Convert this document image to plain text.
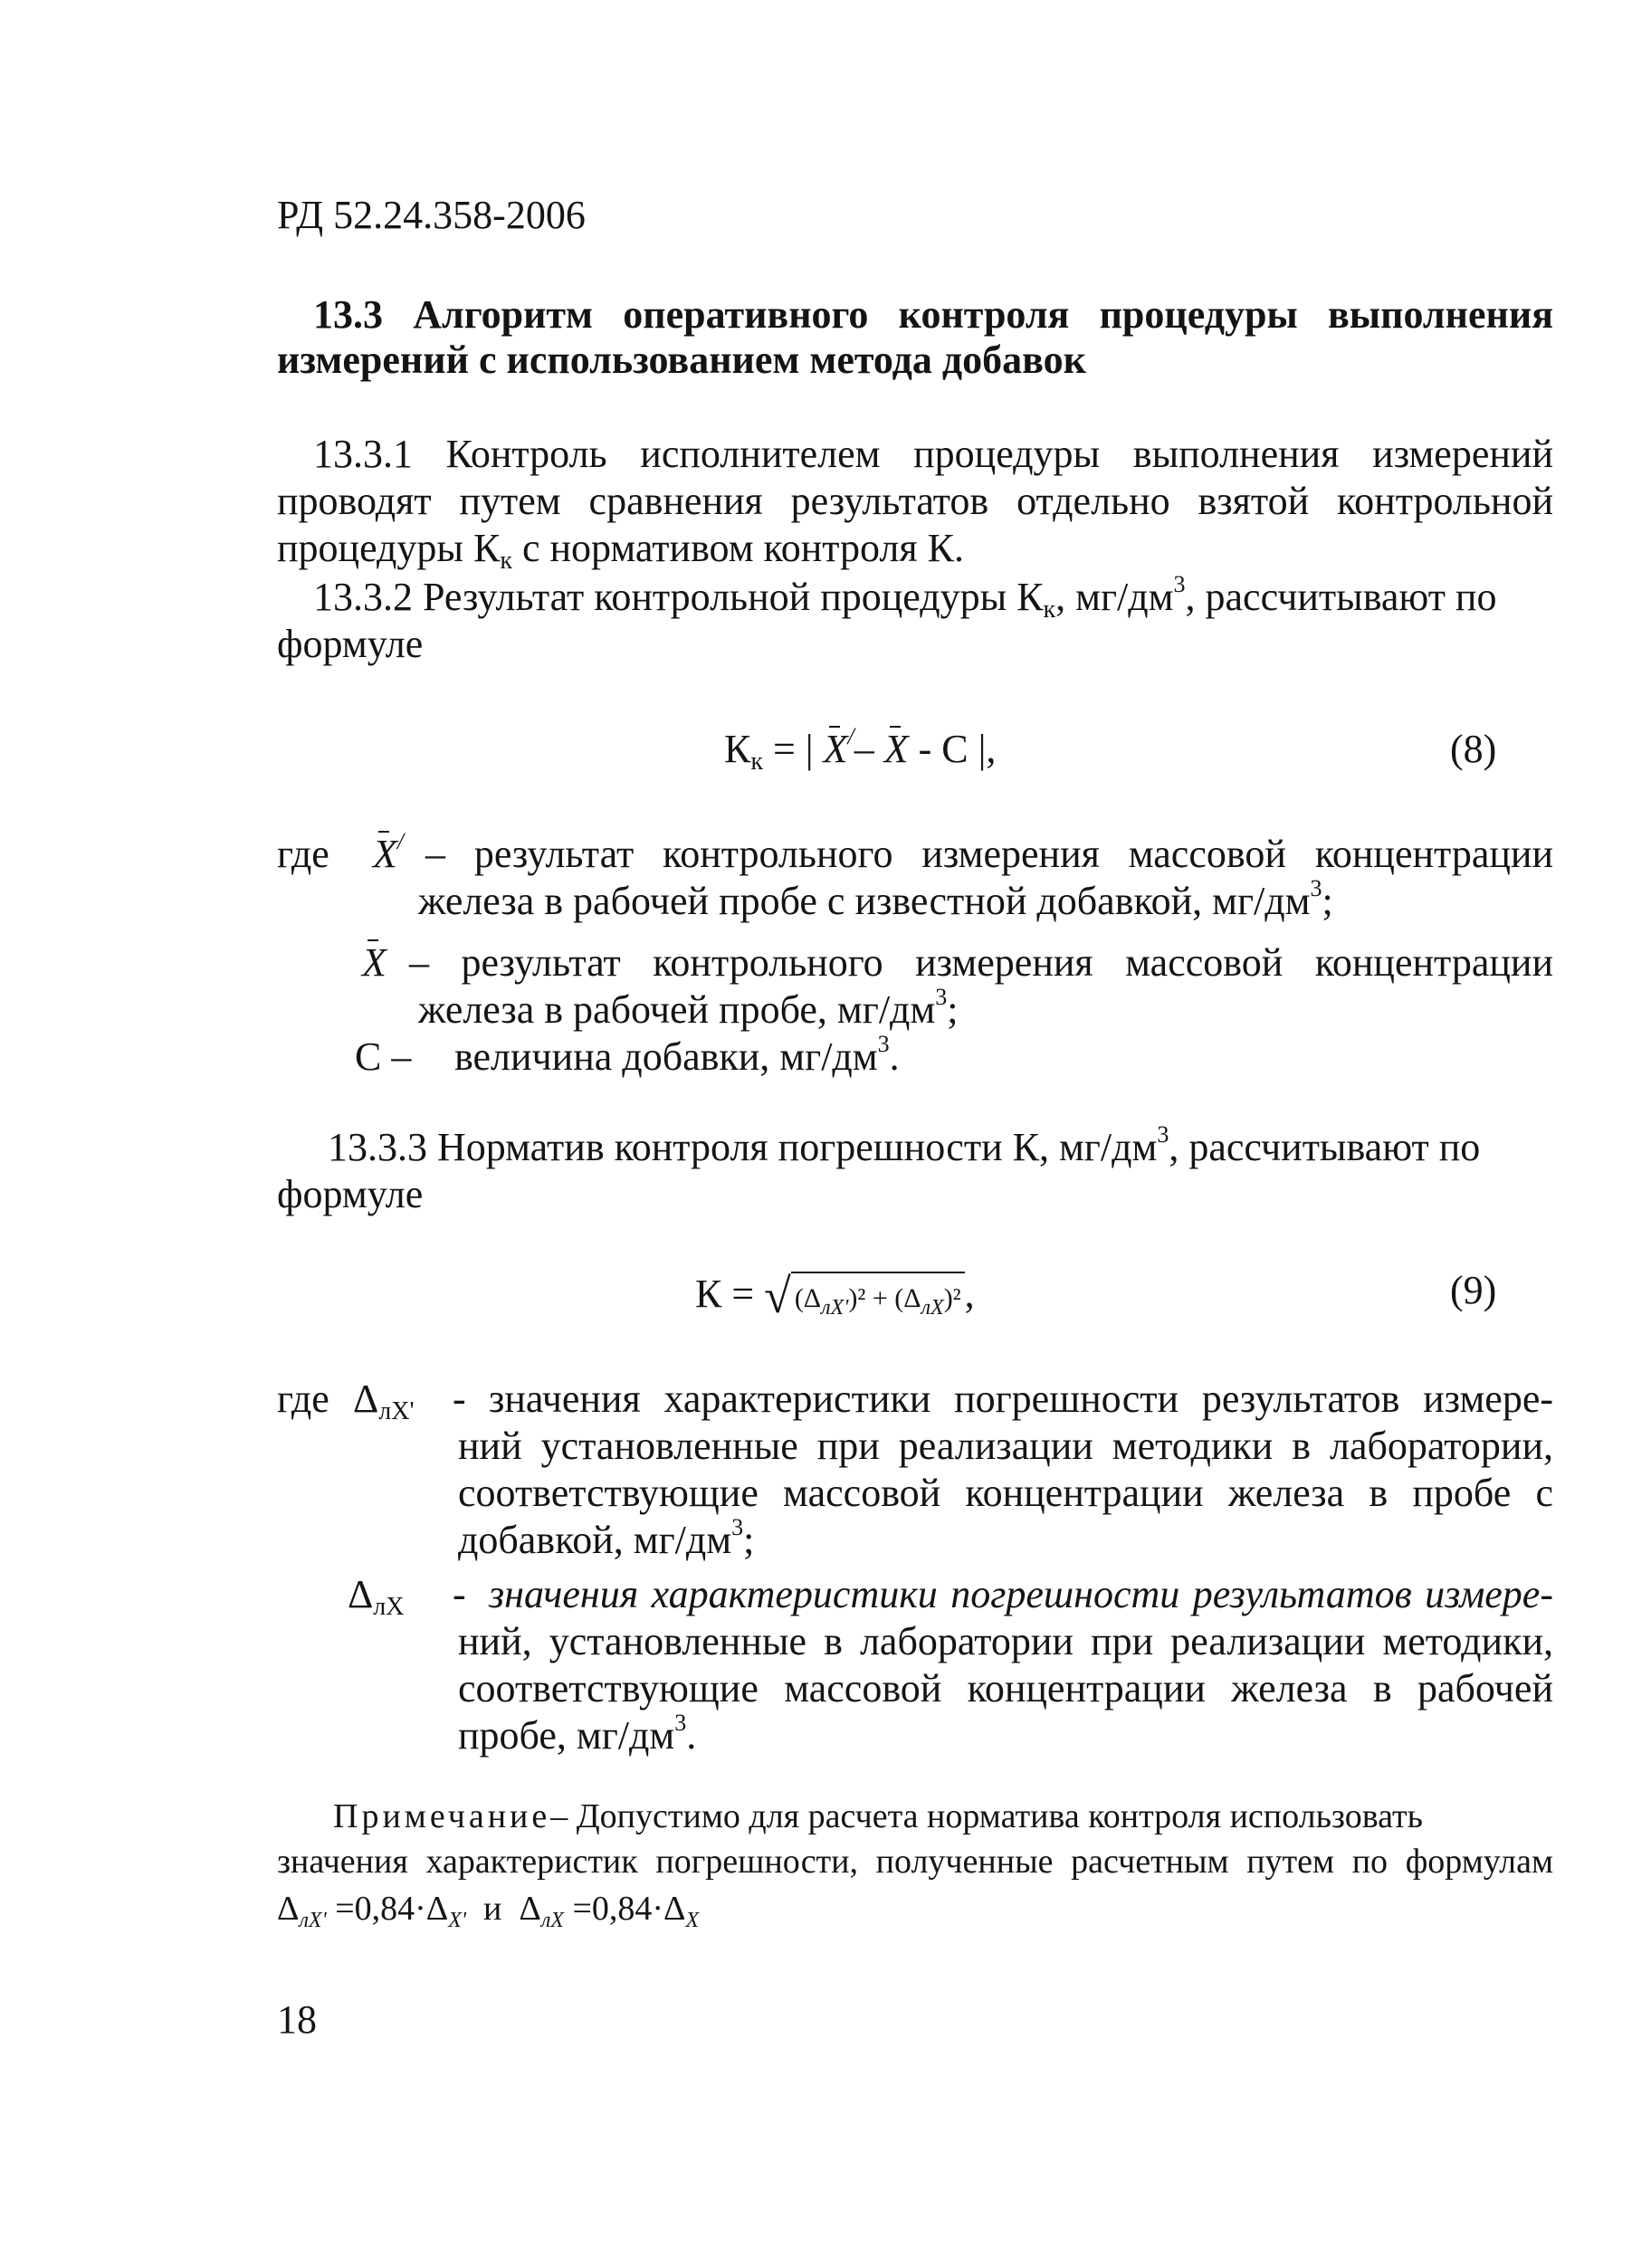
РД 52.24.358-2006
13.3 Алгоритм оперативного контроля процедуры выполнения
измерений с использованием метода добавок
13.3.1 Контроль исполнителем процедуры выполнения измерений
проводят путем сравнения результатов отдельно взятой контрольной
процедуры Кк с нормативом контроля К.
13.3.2 Результат контрольной процедуры Кк, $мг/дм^3$, рассчитывают по
формуле
Кк = | X/– X - С |,	(8)
где X/ – результат контрольного измерения массовой концентрации
железа в рабочей пробе с известной добавкой, $мг/дм^3$;
X – результат контрольного измерения массовой концентрации
железа в рабочей пробе, $мг/дм^3$;
С – величина добавки, $мг/дм^3$.
13.3.3 Норматив контроля погрешности К, $мг/дм^3$, рассчитывают по
формуле
К = √ $(\Delta_{лX'})^2 + (\Delta_{лX})^2$,	(9)
где ΔлX' - значения характеристики погрешности результатов измере-
ний установленные при реализации методики в лаборатории,
соответствующие массовой концентрации железа в пробе с
добавкой, $мг/дм^3$;
ΔлX - значения характеристики погрешности результатов измере-
ний, установленные в лаборатории при реализации методики,
соответствующие массовой концентрации железа в рабочей
пробе, $мг/дм^3$.
Примечание – Допустимо для расчета норматива контроля использовать
значения характеристик погрешности, полученные расчетным путем по формулам
$\Delta_{лX'} =0,84\cdot\Delta_{X'}$ и $\Delta_{лX} =0,84\cdot\Delta_X$
18
